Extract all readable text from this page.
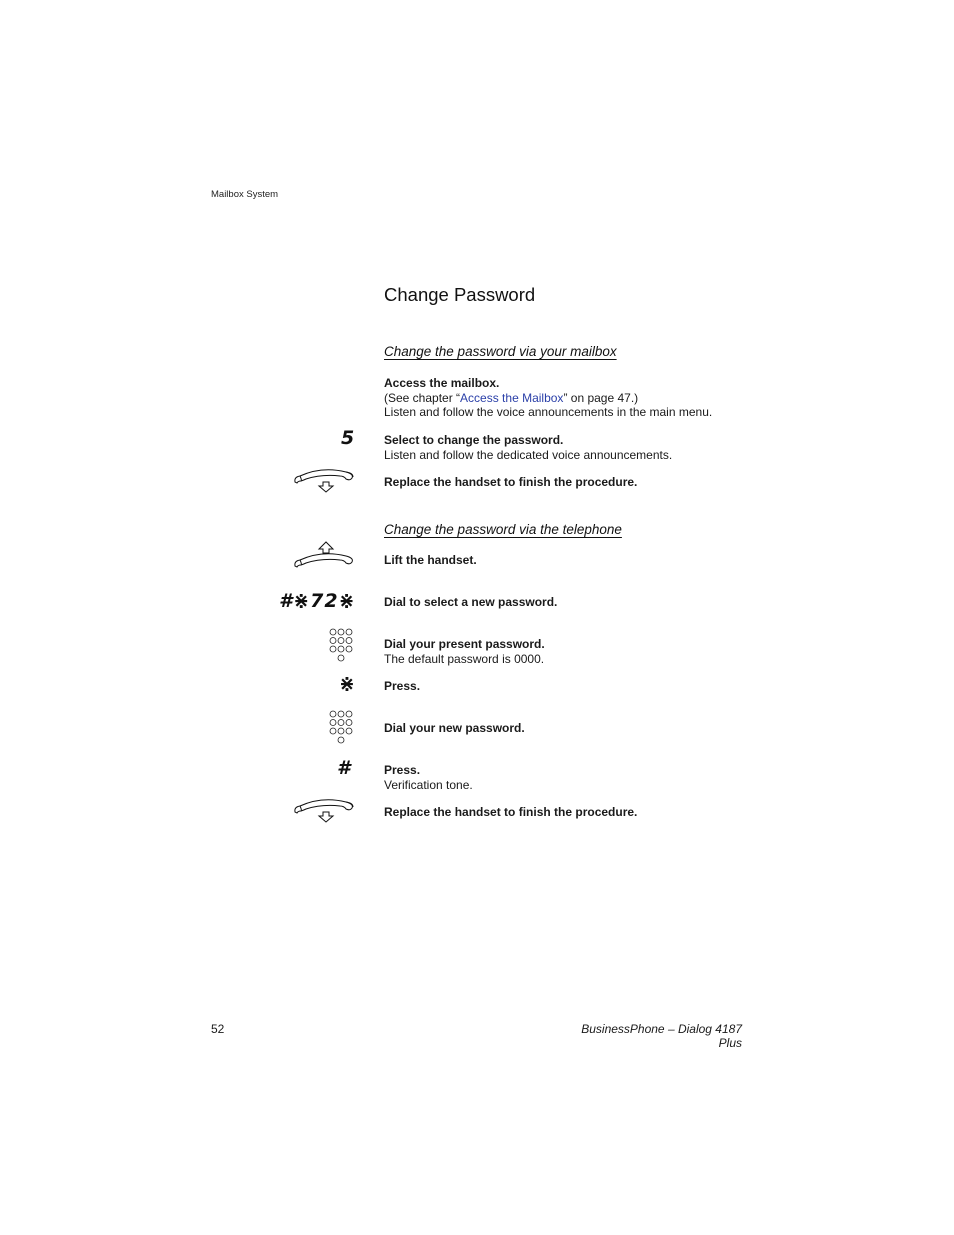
Mailbox System
Change Password
Change the password via your mailbox
Access the mailbox.
(See chapter “Access the Mailbox” on page 47.)
Listen and follow the voice announcements in the main menu.
5 Select to change the password.
Listen and follow the dedicated voice announcements.
Replace the handset to finish the procedure.
Change the password via the telephone
Lift the handset.
#⋇72⋇ Dial to select a new password.
Dial your present password.
The default password is 0000.
⋇ Press.
Dial your new password.
#	Press.
Verification tone.
Replace the handset to finish the procedure.
52	BusinessPhone – Dialog 4187 Plus
